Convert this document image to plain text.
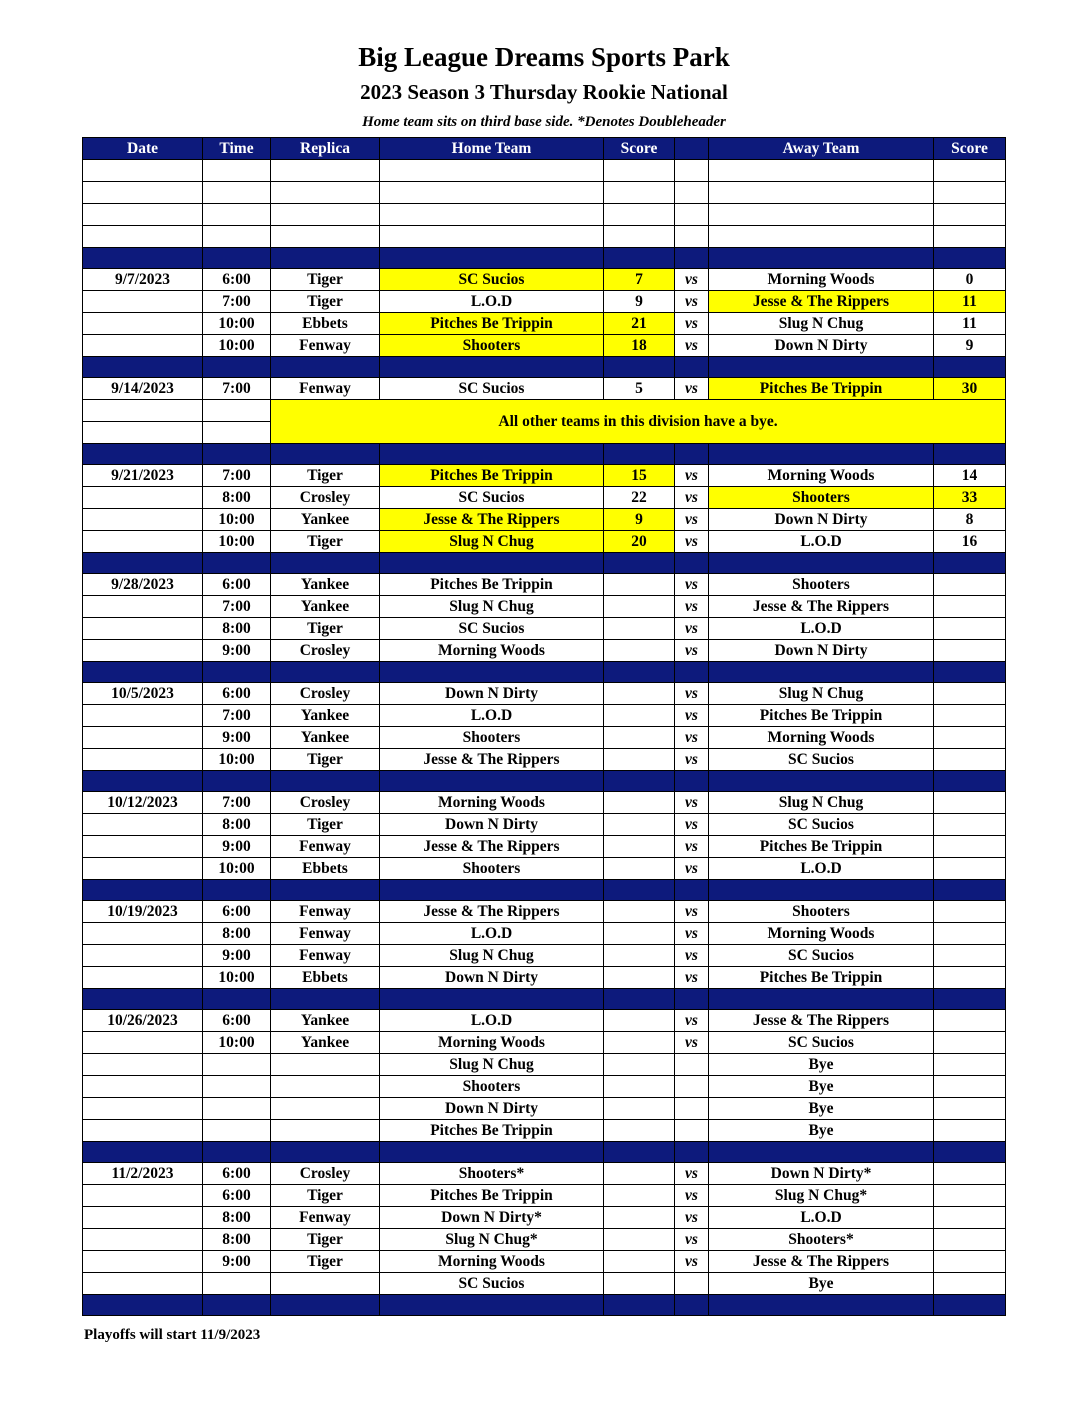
Big League Dreams Sports Park
2023 Season 3 Thursday Rookie National
Home team sits on third base side. *Denotes Doubleheader
Date	Time	Replica	Home Team	Score		Away Team	Score	

9/7/2023	6:00	Tiger	SC Sucios	7	vs	Morning Woods	0	
	7:00	Tiger	L.O.D	9	vs	Jesse & The Rippers	11	
	10:00	Ebbets	Pitches Be Trippin	21	vs	Slug N Chug	11	
	10:00	Fenway	Shooters	18	vs	Down N Dirty	9	

9/14/2023	7:00	Fenway	SC Sucios	5	vs	Pitches Be Trippin	30	
		All other teams in this division have a bye.						

9/21/2023	7:00	Tiger	Pitches Be Trippin	15	vs	Morning Woods	14	
	8:00	Crosley	SC Sucios	22	vs	Shooters	33	
	10:00	Yankee	Jesse & The Rippers	9	vs	Down N Dirty	8	
	10:00	Tiger	Slug N Chug	20	vs	L.O.D	16	

9/28/2023	6:00	Yankee	Pitches Be Trippin		vs	Shooters		
	7:00	Yankee	Slug N Chug		vs	Jesse & The Rippers		
	8:00	Tiger	SC Sucios		vs	L.O.D		
	9:00	Crosley	Morning Woods		vs	Down N Dirty		

10/5/2023	6:00	Crosley	Down N Dirty		vs	Slug N Chug		
	7:00	Yankee	L.O.D		vs	Pitches Be Trippin		
	9:00	Yankee	Shooters		vs	Morning Woods		
	10:00	Tiger	Jesse & The Rippers		vs	SC Sucios		

10/12/2023	7:00	Crosley	Morning Woods		vs	Slug N Chug		
	8:00	Tiger	Down N Dirty		vs	SC Sucios		
	9:00	Fenway	Jesse & The Rippers		vs	Pitches Be Trippin		
	10:00	Ebbets	Shooters		vs	L.O.D		

10/19/2023	6:00	Fenway	Jesse & The Rippers		vs	Shooters		
	8:00	Fenway	L.O.D		vs	Morning Woods		
	9:00	Fenway	Slug N Chug		vs	SC Sucios		
	10:00	Ebbets	Down N Dirty		vs	Pitches Be Trippin		

10/26/2023	6:00	Yankee	L.O.D		vs	Jesse & The Rippers		
	10:00	Yankee	Morning Woods		vs	SC Sucios		
			Slug N Chug			Bye		
			Shooters			Bye		
			Down N Dirty			Bye		
			Pitches Be Trippin			Bye		

11/2/2023	6:00	Crosley	Shooters*		vs	Down N Dirty*		
	6:00	Tiger	Pitches Be Trippin		vs	Slug N Chug*		
	8:00	Fenway	Down N Dirty*		vs	L.O.D		
	8:00	Tiger	Slug N Chug*		vs	Shooters*		
	9:00	Tiger	Morning Woods		vs	Jesse & The Rippers		
			SC Sucios			Bye		

Playoffs will start 11/9/2023
